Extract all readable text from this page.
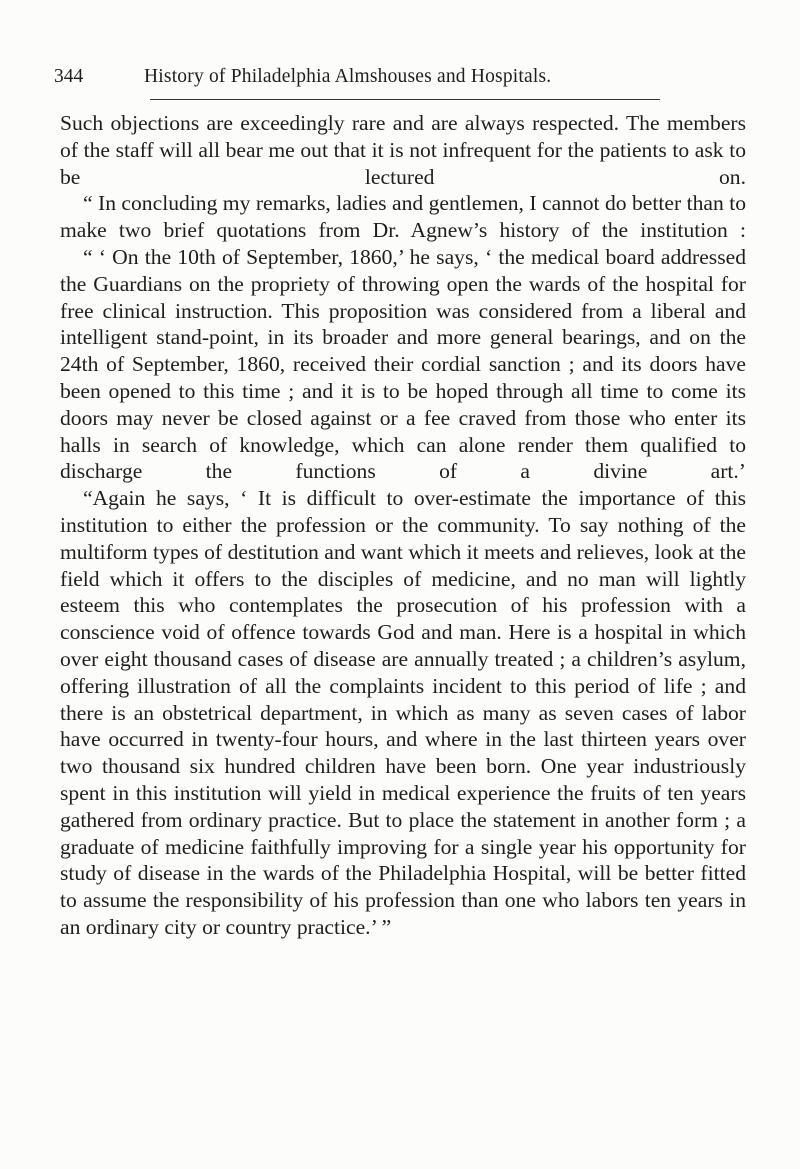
344	History of Philadelphia Almshouses and Hospitals.

Such objections are exceedingly rare and are always respected. The members of the staff will all bear me out that it is not infrequent for the patients to ask to be lectured on.

“ In concluding my remarks, ladies and gentlemen, I cannot do better than to make two brief quotations from Dr. Agnew’s history of the institution :

“ ‘ On the 10th of September, 1860,’ he says, ‘ the medical board addressed the Guardians on the propriety of throwing open the wards of the hospital for free clinical instruction. This proposition was considered from a liberal and intelligent stand-point, in its broader and more general bearings, and on the 24th of September, 1860, received their cordial sanction ; and its doors have been opened to this time ; and it is to be hoped through all time to come its doors may never be closed against or a fee craved from those who enter its halls in search of knowledge, which can alone render them qualified to discharge the functions of a divine art.’

“Again he says, ‘ It is difficult to over-estimate the importance of this institution to either the profession or the community. To say nothing of the multiform types of destitution and want which it meets and relieves, look at the field which it offers to the disciples of medicine, and no man will lightly esteem this who contemplates the prosecution of his profession with a conscience void of offence towards God and man. Here is a hospital in which over eight thousand cases of disease are annually treated ; a children’s asylum, offering illustration of all the complaints incident to this period of life ; and there is an obstetrical department, in which as many as seven cases of labor have occurred in twenty-four hours, and where in the last thirteen years over two thousand six hundred children have been born. One year industriously spent in this institution will yield in medical experience the fruits of ten years gathered from ordinary practice. But to place the statement in another form ; a graduate of medicine faithfully improving for a single year his opportunity for study of disease in the wards of the Philadelphia Hospital, will be better fitted to assume the responsibility of his profession than one who labors ten years in an ordinary city or country practice.’ ”
